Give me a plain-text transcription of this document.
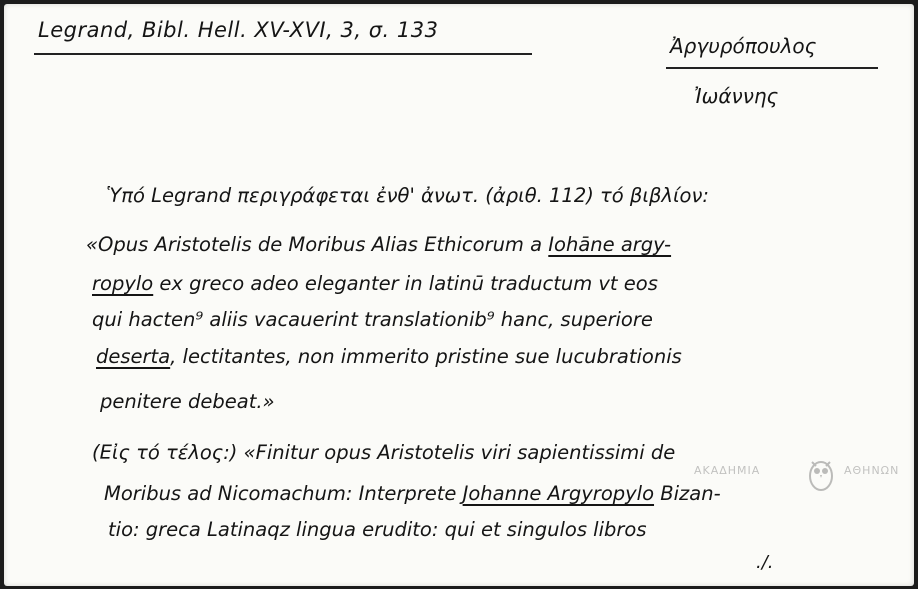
Legrand, Bibl. Hell. XV-XVI, 3, σ. 133
Ἀργυρόπουλος
Ἰωάννης
Ὑπό Legrand περιγράφεται ἐνθ' ἀνωτ. (ἀριθ. 112) τό βιβλίον:
«Opus Aristotelis de Moribus Alias Ethicorum a Iohāne argy-
ropylo ex greco adeo eleganter in latinū traductum vt eos
qui hacten⁹ aliis vacauerint translationib⁹ hanc, superiore
deserta, lectitantes, non immerito pristine sue lucubrationis
penitere debeat.»
(Εἰς τό τέλος:) «Finitur opus Aristotelis viri sapientissimi de
Moribus ad Nicomachum: Interprete Johanne Argyropylo Bizan-
tio: greca Latinaqz lingua erudito: qui et singulos libros
./.
ΑΚΑΔΗΜΙΑ	ΑΘΗΝΩΝ
